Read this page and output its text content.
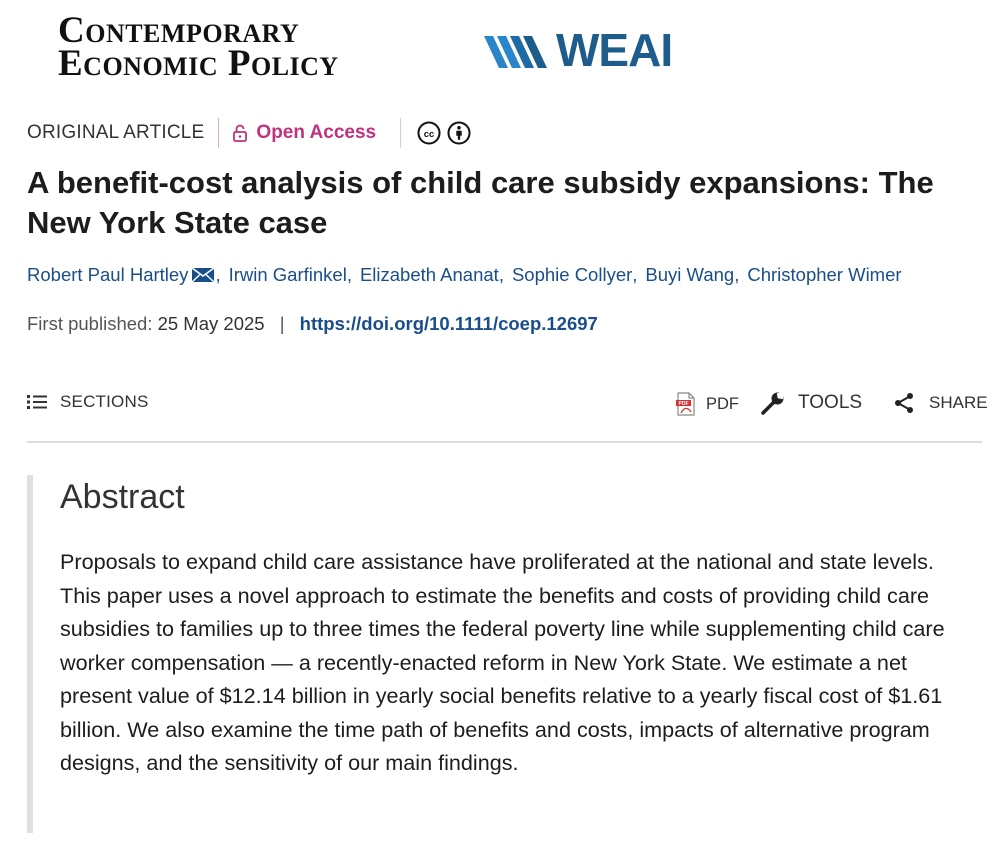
Contemporary
Economic Policy	WEAI
ORIGINAL ARTICLE	Open Access	cc
A benefit-cost analysis of child care subsidy expansions: The New York State case
Robert Paul Hartley , Irwin Garfinkel , Elizabeth Ananat , Sophie Collyer , Buyi Wang , Christopher Wimer
First published: 25 May 2025 | https://doi.org/10.1111/coep.12697
SECTIONS	PDF PDF	TOOLS	SHARE
Abstract

Proposals to expand child care assistance have proliferated at the national and state levels. This paper uses a novel approach to estimate the benefits and costs of providing child care subsidies to families up to three times the federal poverty line while supplementing child care worker compensation — a recently-enacted reform in New York State. We estimate a net present value of $12.14 billion in yearly social benefits relative to a yearly fiscal cost of $1.61 billion. We also examine the time path of benefits and costs, impacts of alternative program designs, and the sensitivity of our main findings.
